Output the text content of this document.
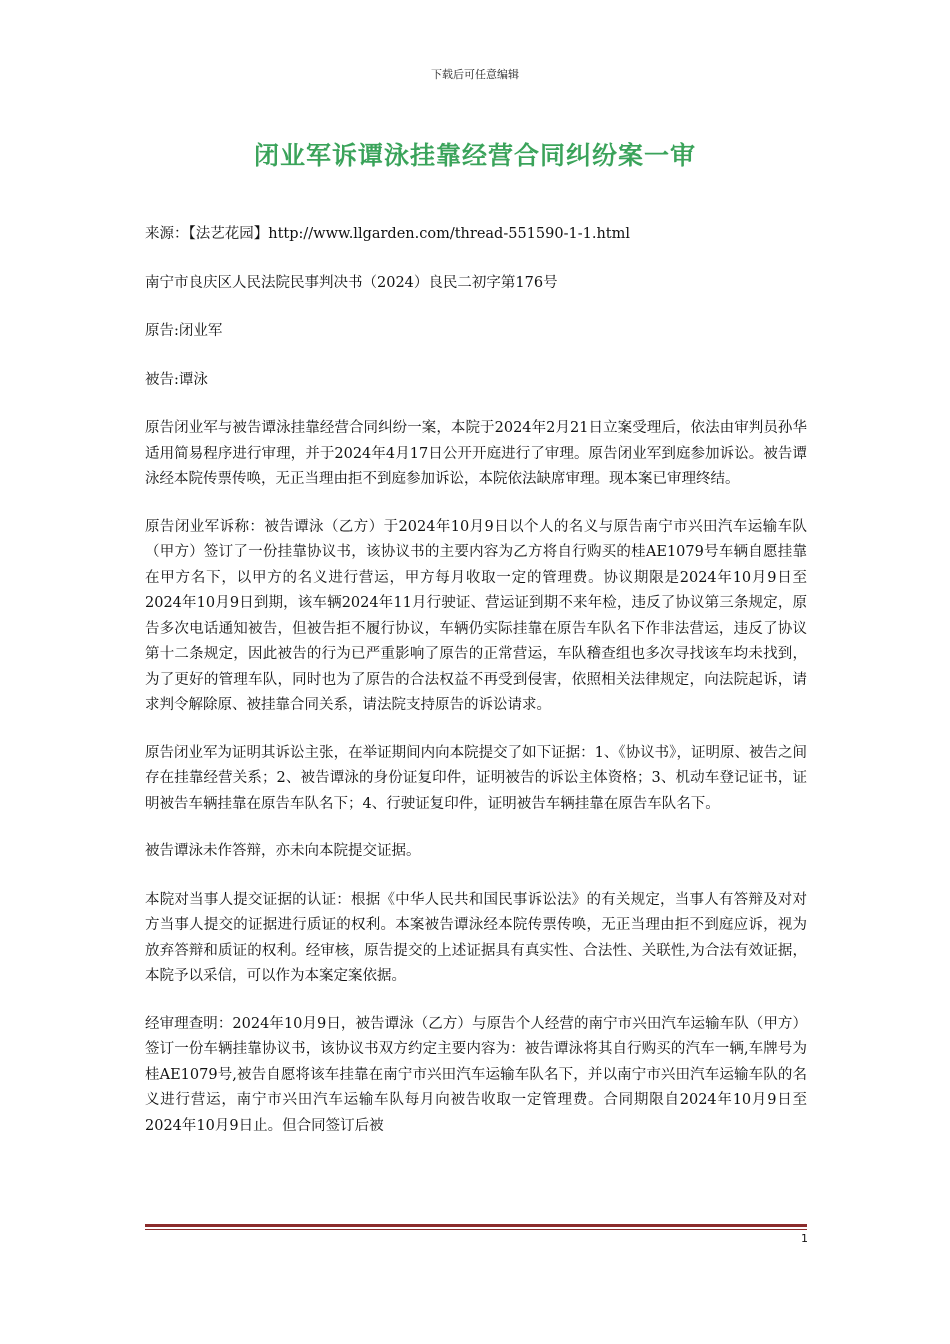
下载后可任意编辑
闭业军诉谭泳挂靠经营合同纠纷案一审

来源：【法艺花园】http://www.llgarden.com/thread-551590-1-1.html

南宁市良庆区人民法院民事判决书（2024）良民二初字第176号

原告:闭业军

被告:谭泳

原告闭业军与被告谭泳挂靠经营合同纠纷一案，本院于2024年2月21日立案受理后，依法由审判员孙华适用简易程序进行审理，并于2024年4月17日公开开庭进行了审理。原告闭业军到庭参加诉讼。被告谭泳经本院传票传唤，无正当理由拒不到庭参加诉讼，本院依法缺席审理。现本案已审理终结。

原告闭业军诉称：被告谭泳（乙方）于2024年10月9日以个人的名义与原告南宁市兴田汽车运输车队（甲方）签订了一份挂靠协议书，该协议书的主要内容为乙方将自行购买的桂AE1079号车辆自愿挂靠在甲方名下，以甲方的名义进行营运，甲方每月收取一定的管理费。协议期限是2024年10月9日至2024年10月9日到期，该车辆2024年11月行驶证、营运证到期不来年检，违反了协议第三条规定，原告多次电话通知被告，但被告拒不履行协议，车辆仍实际挂靠在原告车队名下作非法营运，违反了协议第十二条规定，因此被告的行为已严重影响了原告的正常营运，车队稽查组也多次寻找该车均未找到，为了更好的管理车队，同时也为了原告的合法权益不再受到侵害，依照相关法律规定，向法院起诉，请求判令解除原、被挂靠合同关系，请法院支持原告的诉讼请求。

原告闭业军为证明其诉讼主张，在举证期间内向本院提交了如下证据：1、《协议书》，证明原、被告之间存在挂靠经营关系；2、被告谭泳的身份证复印件，证明被告的诉讼主体资格；3、机动车登记证书，证明被告车辆挂靠在原告车队名下；4、行驶证复印件，证明被告车辆挂靠在原告车队名下。

被告谭泳未作答辩，亦未向本院提交证据。

本院对当事人提交证据的认证：根据《中华人民共和国民事诉讼法》的有关规定，当事人有答辩及对对方当事人提交的证据进行质证的权利。本案被告谭泳经本院传票传唤，无正当理由拒不到庭应诉，视为放弃答辩和质证的权利。经审核，原告提交的上述证据具有真实性、合法性、关联性,为合法有效证据，本院予以采信，可以作为本案定案依据。

经审理查明：2024年10月9日，被告谭泳（乙方）与原告个人经营的南宁市兴田汽车运输车队（甲方）签订一份车辆挂靠协议书，该协议书双方约定主要内容为：被告谭泳将其自行购买的汽车一辆,车牌号为桂AE1079号,被告自愿将该车挂靠在南宁市兴田汽车运输车队名下，并以南宁市兴田汽车运输车队的名义进行营运，南宁市兴田汽车运输车队每月向被告收取一定管理费。合同期限自2024年10月9日至2024年10月9日止。但合同签订后被

1
